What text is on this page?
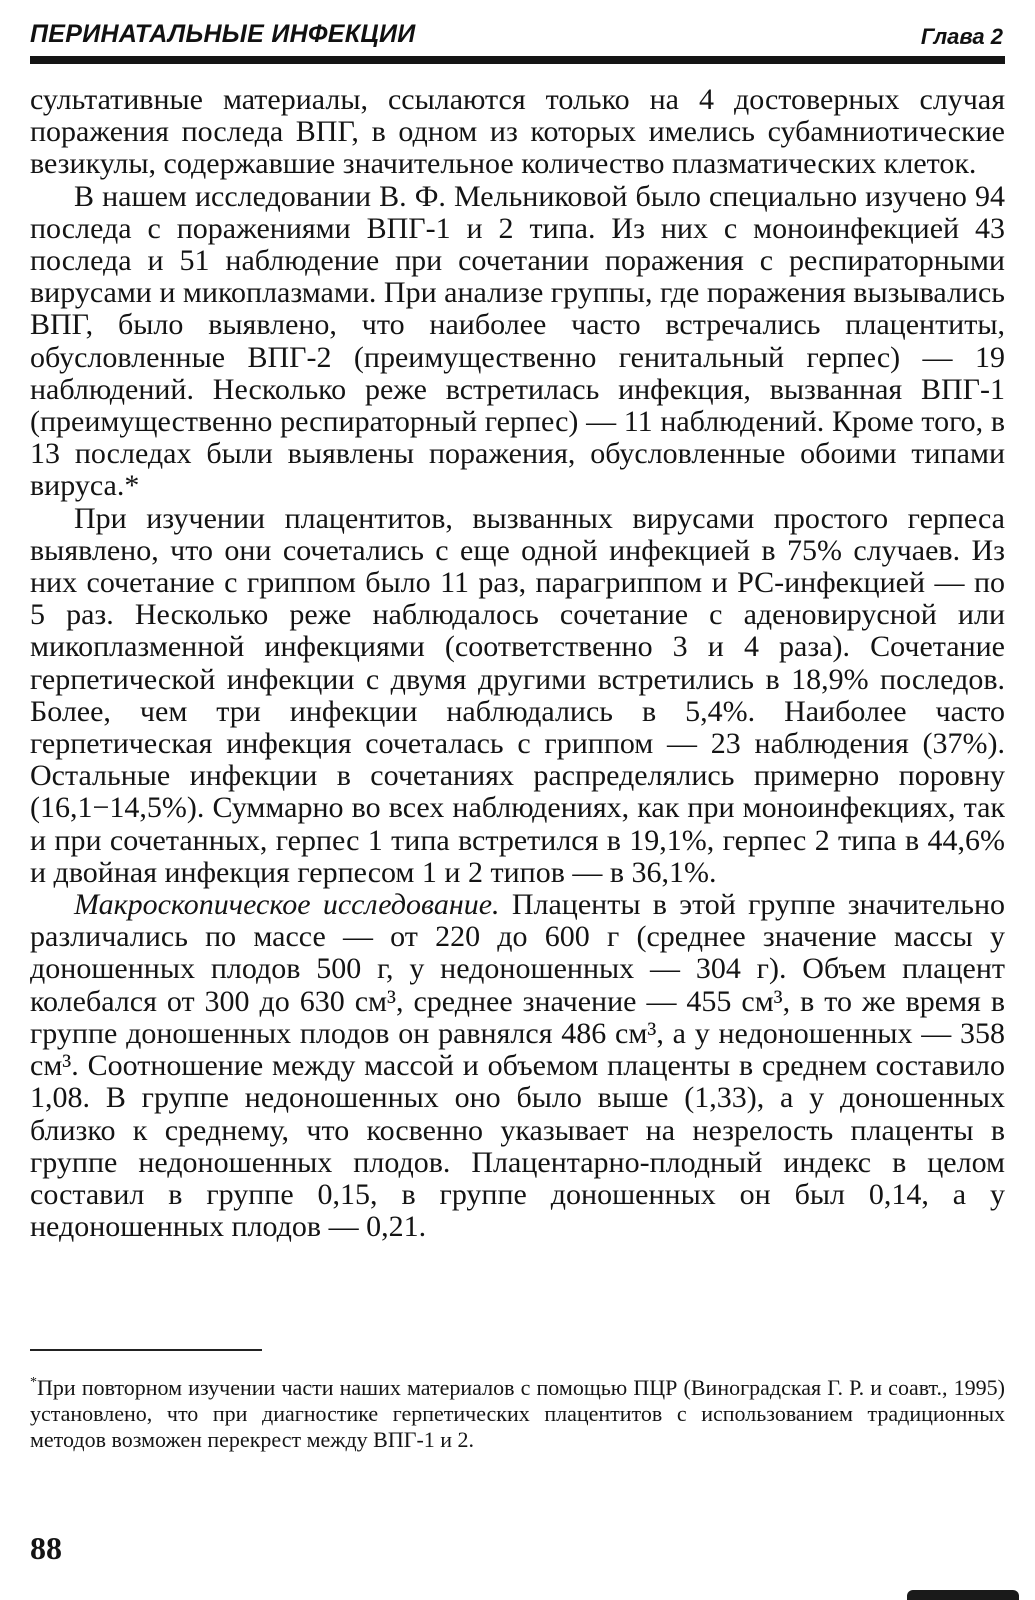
ПЕРИНАТАЛЬНЫЕ ИНФЕКЦИИ	Глава 2

сультативные материалы, ссылаются только на 4 достоверных случая поражения последа ВПГ, в одном из которых имелись субамниотические везикулы, содержавшие значительное количество плазматических клеток.

В нашем исследовании В. Ф. Мельниковой было специально изучено 94 последа с поражениями ВПГ-1 и 2 типа. Из них с моноинфекцией 43 последа и 51 наблюдение при сочетании поражения с респираторными вирусами и микоплазмами. При анализе группы, где поражения вызывались ВПГ, было выявлено, что наиболее часто встречались плацентиты, обусловленные ВПГ-2 (преимущественно генитальный герпес) — 19 наблюдений. Несколько реже встретилась инфекция, вызванная ВПГ-1 (преимущественно респираторный герпес) — 11 наблюдений. Кроме того, в 13 последах были выявлены поражения, обусловленные обоими типами вируса.*

При изучении плацентитов, вызванных вирусами простого герпеса выявлено, что они сочетались с еще одной инфекцией в 75% случаев. Из них сочетание с гриппом было 11 раз, парагриппом и РС-инфекцией — по 5 раз. Несколько реже наблюдалось сочетание с аденовирусной или микоплазменной инфекциями (соответственно 3 и 4 раза). Сочетание герпетической инфекции с двумя другими встретились в 18,9% последов. Более, чем три инфекции наблюдались в 5,4%. Наиболее часто герпетическая инфекция сочеталась с гриппом — 23 наблюдения (37%). Остальные инфекции в сочетаниях распределялись примерно поровну (16,1−14,5%). Суммарно во всех наблюдениях, как при моноинфекциях, так и при сочетанных, герпес 1 типа встретился в 19,1%, герпес 2 типа в 44,6% и двойная инфекция герпесом 1 и 2 типов — в 36,1%.

Макроскопическое исследование. Плаценты в этой группе значительно различались по массе — от 220 до 600 г (среднее значение массы у доношенных плодов 500 г, у недоношенных — 304 г). Объем плацент колебался от 300 до 630 см³, среднее значение — 455 см³, в то же время в группе доношенных плодов он равнялся 486 см³, а у недоношенных — 358 см³. Соотношение между массой и объемом плаценты в среднем составило 1,08. В группе недоношенных оно было выше (1,33), а у доношенных близко к среднему, что косвенно указывает на незрелость плаценты в группе недоношенных плодов. Плацентарно-плодный индекс в целом составил в группе 0,15, в группе доношенных он был 0,14, а у недоношенных плодов — 0,21.

*При повторном изучении части наших материалов с помощью ПЦР (Виноградская Г. Р. и соавт., 1995) установлено, что при диагностике герпетических плацентитов с использованием традиционных методов возможен перекрест между ВПГ-1 и 2.
88
